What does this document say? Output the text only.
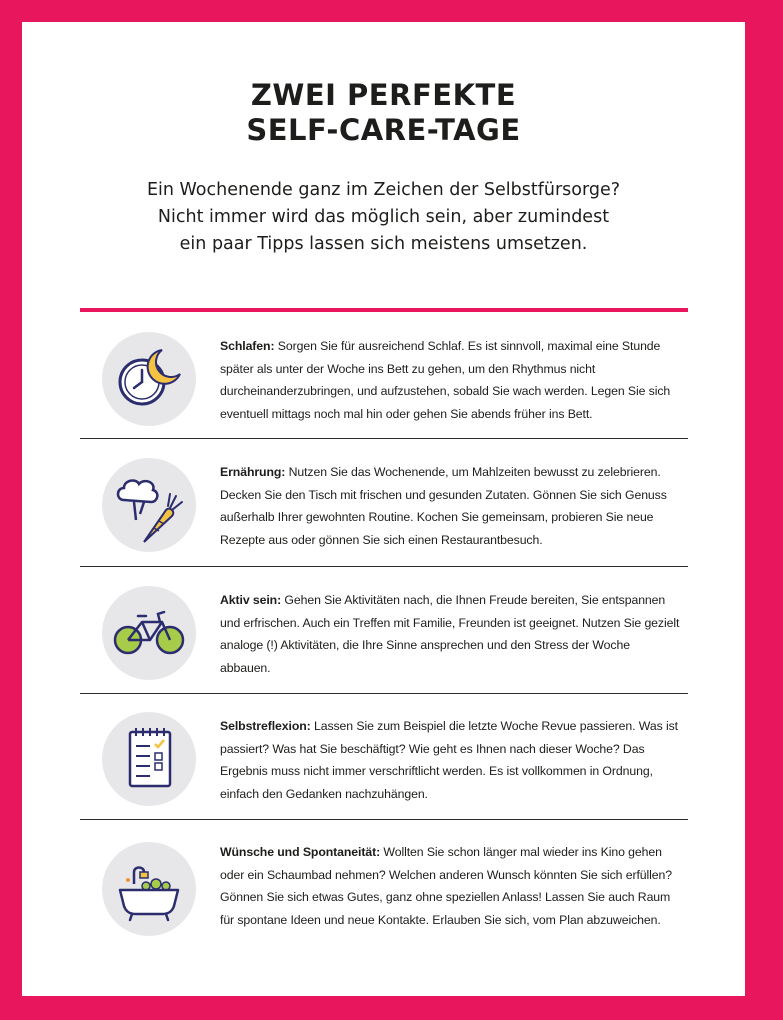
ZWEI PERFEKTE
SELF-CARE-TAGE
Ein Wochenende ganz im Zeichen der Selbstfürsorge?
Nicht immer wird das möglich sein, aber zumindest
ein paar Tipps lassen sich meistens umsetzen.
Schlafen: Sorgen Sie für ausreichend Schlaf. Es ist sinnvoll, maximal eine Stunde später als unter der Woche ins Bett zu gehen, um den Rhythmus nicht durcheinanderzubringen, und aufzustehen, sobald Sie wach werden. Legen Sie sich eventuell mittags noch mal hin oder gehen Sie abends früher ins Bett.
Ernährung: Nutzen Sie das Wochenende, um Mahlzeiten bewusst zu zelebrieren. Decken Sie den Tisch mit frischen und gesunden Zutaten. Gönnen Sie sich Genuss außerhalb Ihrer gewohnten Routine. Kochen Sie gemeinsam, probieren Sie neue Rezepte aus oder gönnen Sie sich einen Restaurantbesuch.
Aktiv sein: Gehen Sie Aktivitäten nach, die Ihnen Freude bereiten, Sie entspannen und erfrischen. Auch ein Treffen mit Familie, Freunden ist geeignet. Nutzen Sie gezielt analoge (!) Aktivitäten, die Ihre Sinne ansprechen und den Stress der Woche abbauen.
Selbstreflexion: Lassen Sie zum Beispiel die letzte Woche Revue passieren. Was ist passiert? Was hat Sie beschäftigt? Wie geht es Ihnen nach dieser Woche? Das Ergebnis muss nicht immer verschriftlicht werden. Es ist vollkommen in Ordnung, einfach den Gedanken nachzuhängen.
Wünsche und Spontaneität: Wollten Sie schon länger mal wieder ins Kino gehen oder ein Schaumbad nehmen? Welchen anderen Wunsch könnten Sie sich erfüllen? Gönnen Sie sich etwas Gutes, ganz ohne speziellen Anlass! Lassen Sie auch Raum für spontane Ideen und neue Kontakte. Erlauben Sie sich, vom Plan abzuweichen.
